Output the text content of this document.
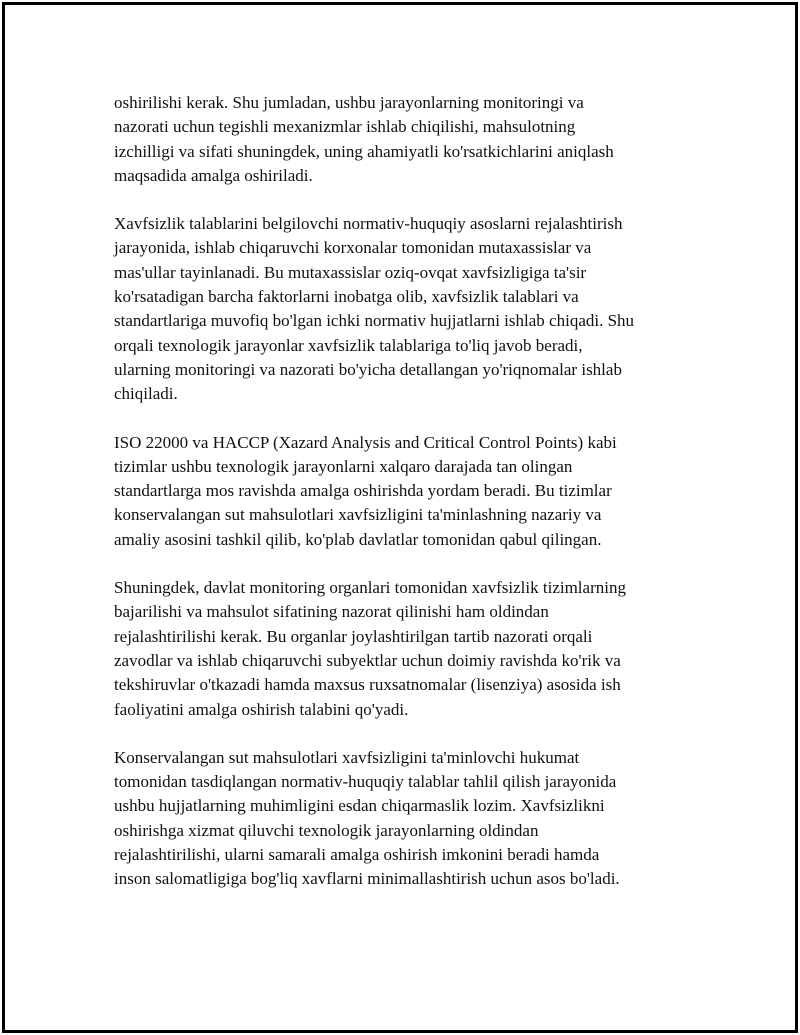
oshirilishi kerak. Shu jumladan, ushbu jarayonlarning monitoringi va
nazorati uchun tegishli mexanizmlar ishlab chiqilishi, mahsulotning
izchilligi va sifati shuningdek, uning ahamiyatli ko'rsatkichlarini aniqlash
maqsadida amalga oshiriladi.

Xavfsizlik talablarini belgilovchi normativ-huquqiy asoslarni rejalashtirish
jarayonida, ishlab chiqaruvchi korxonalar tomonidan mutaxassislar va
mas'ullar tayinlanadi. Bu mutaxassislar oziq-ovqat xavfsizligiga ta'sir
ko'rsatadigan barcha faktorlarni inobatga olib, xavfsizlik talablari va
standartlariga muvofiq bo'lgan ichki normativ hujjatlarni ishlab chiqadi. Shu
orqali texnologik jarayonlar xavfsizlik talablariga to'liq javob beradi,
ularning monitoringi va nazorati bo'yicha detallangan yo'riqnomalar ishlab
chiqiladi.

ISO 22000 va HACCP (Xazard Analysis and Critical Control Points) kabi
tizimlar ushbu texnologik jarayonlarni xalqaro darajada tan olingan
standartlarga mos ravishda amalga oshirishda yordam beradi. Bu tizimlar
konservalangan sut mahsulotlari xavfsizligini ta'minlashning nazariy va
amaliy asosini tashkil qilib, ko'plab davlatlar tomonidan qabul qilingan.

Shuningdek, davlat monitoring organlari tomonidan xavfsizlik tizimlarning
bajarilishi va mahsulot sifatining nazorat qilinishi ham oldindan
rejalashtirilishi kerak. Bu organlar joylashtirilgan tartib nazorati orqali
zavodlar va ishlab chiqaruvchi subyektlar uchun doimiy ravishda ko'rik va
tekshiruvlar o'tkazadi hamda maxsus ruxsatnomalar (lisenziya) asosida ish
faoliyatini amalga oshirish talabini qo'yadi.

Konservalangan sut mahsulotlari xavfsizligini ta'minlovchi hukumat
tomonidan tasdiqlangan normativ-huquqiy talablar tahlil qilish jarayonida
ushbu hujjatlarning muhimligini esdan chiqarmaslik lozim. Xavfsizlikni
oshirishga xizmat qiluvchi texnologik jarayonlarning oldindan
rejalashtirilishi, ularni samarali amalga oshirish imkonini beradi hamda
inson salomatligiga bog'liq xavflarni minimallashtirish uchun asos bo'ladi.
